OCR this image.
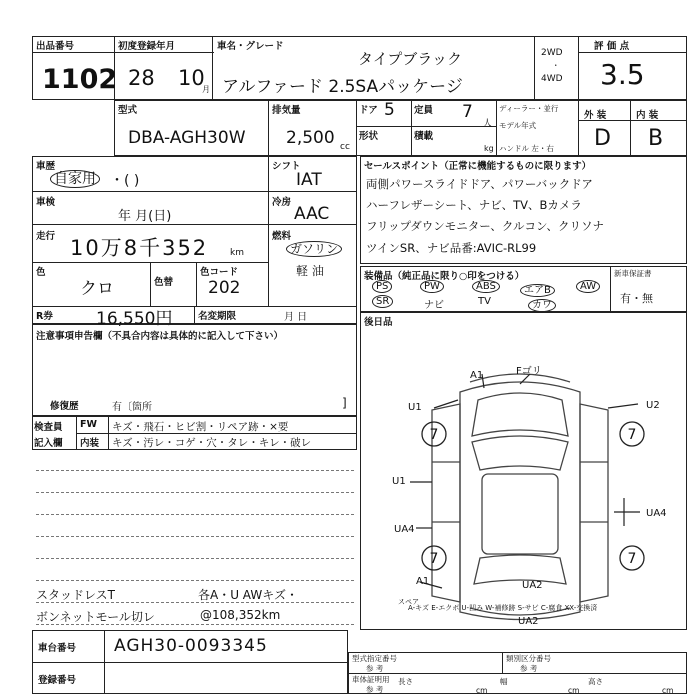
出品番号
1102
初度登録年月
28 10
月
車名・グレード
タイプブラック
アルファード 2.5SAパッケージ
2WD
・
4WD
評 価 点
3.5
型式
DBA-AGH30W
排気量
2,500 cc
ドア 5
形状
定員 7
人
積載
kg
ディーラー・並行
モデル年式
ハンドル 左・右
外 装	内 装
D B
車歴
自家用 ・( )
車検
年 月(日)
走行 10万8千352 km
色
クロ	色替
色コード
202
R券	16,550円	名変期限	月 日
シフト
IAT
冷房
AAC
燃料
ガソリン
軽 油
セールスポイント（正常に機能するものに限ります）
両側パワースライドドア、パワーバックドア
ハーフレザーシート、ナビ、TV、Bカメラ
フリップダウンモニター、クルコン、クリソナ
ツインSR、ナビ品番:AVIC-RL99
装備品（純正品に限り○印をつける）	新車保証書
有・無
PS	PW	ABS	エアB	AW
SR	ナビ	TV	カワ
後日品
注意事項申告欄（不具合内容は具体的に記入して下さい）
修復歴	有〔箇所	]
検査員
記入欄
FW キズ・飛石・ヒビ割・リペア跡・×要
内装 キズ・汚レ・コゲ・穴・タレ・キレ・破レ
スタッドレスT	各A・U AWキズ・
ボンネットモール切レ	@108,352km
7	7
7	7
A1	Fゴリ
U1	U2
U1
UA4
UA4
A1	UA2
UA2
スペア
A-キズ E-エクボ U-凹み W-補修跡 S-サビ C-腐食 XX-交換済
車台番号 AGH30-0093345
登録番号
型式指定番号
参 考
類別区分番号
参 考
車体証明用
参 考
長さ
cm
幅
cm
高さ
cm
